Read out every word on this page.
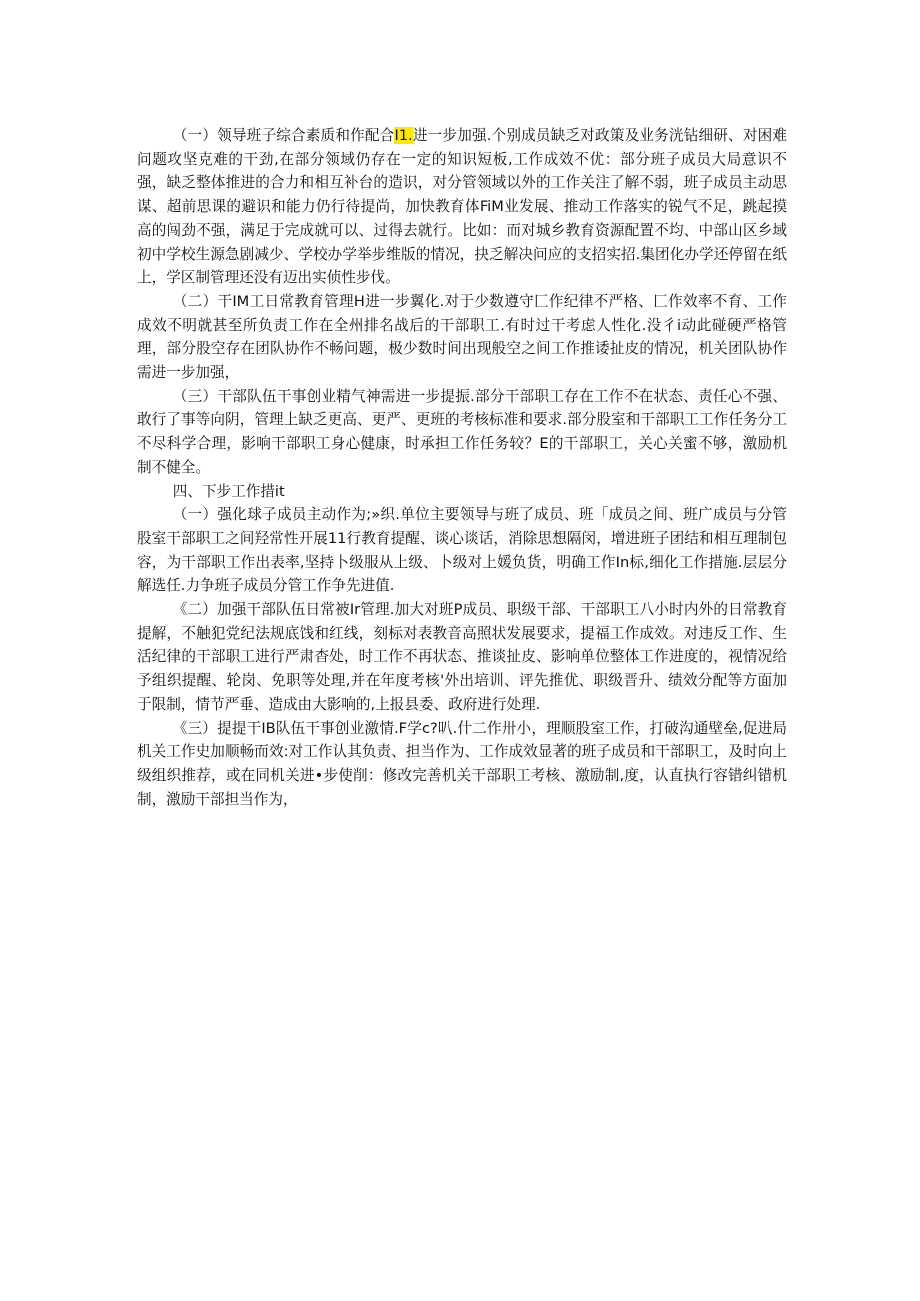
（一）领导班子综合素质和作配合I1.进一步加强.个别成员缺乏对政策及业务洸钻细研、对困难问题攻坚克难的干劲,在部分领域仍存在一定的知识短板,工作成效不优：部分班子成员大局意识不强，缺乏整体推进的合力和相互补台的造识，对分管领域以外的工作关注了解不弱，班子成员主动思谋、超前思课的避识和能力仍行待提尚，加快教育体FiM业发展、推动工作落实的锐气不足，跳起摸高的闯劲不强，满足于完成就可以、过得去就行。比如：而对城乡教育资源配置不均、中部山区乡域初中学校生源急剧减少、学校办学举步维版的情况，抉乏解决问应的支招实招.集团化办学还停留在纸上，学区制管理还没有迈出实侦性步伐。

（二）干IM工日常教育管理H进一步翼化.对于少数遵守匚作纪律不严格、匚作效率不育、工作成效不明就甚至所负责工作在全州排名战后的干部职工.有时过干考虑人性化.没彳i动此碰硬严格管理，部分股空存在团队协作不畅问题，极少数时间出现般空之间工作推诿扯皮的情况，机关团队协作需进一步加强，

（三）干部队伍干事创业精气神需进一步提振.部分干部职工存在工作不在状态、责任心不强、敢行了事等向阴，管理上缺乏更高、更严、更班的考核标准和要求.部分股室和干部职工工作任务分工不尽科学合理，影响干部职工身心健康，时承担工作任务较？E的干部职工，关心关蜜不够，激励机制不健全。

四、下步工作措it

（一）强化球子成员主动作为;»织.单位主要领导与班了成员、班「成员之间、班广成员与分管股室干部职工之间羟常性开展11行教育提醒、谈心谈话，消除思想隔闵，增进班子团结和相互理制包容，为干部职工作出表率,坚持卜级服从上级、卜级对上媛负货，明确工作In标,细化工作措施.层层分解选任.力争班子成员分管工作争先进值.

《二）加强干部队伍日常被Ir管理.加大对班P成员、职级干部、干部职工八小时内外的日常教育提解，不触犯党纪法规底饯和红线，刻标对表教音高照状发展要求，提福工作成效。对违反工作、生活纪律的干部职工进行严肃杳处，时工作不再状态、推谈扯皮、影响单位整体工作进度的，视情况给予组织提醒、轮岗、免职等处理,并在年度考核'外出培训、评先推优、职级晋升、绩效分配等方面加于限制，情节严垂、造成由大影响的,上报县委、政府进行处理.

《三）提提干IB队伍干事创业激情.F学c?叭.什二作卅小，理顺股室工作，打破沟通壁垒,促进局机关工作史加顺畅而效:对工作认其负责、担当作为、工作成效显著的班子成员和干部职工，及时向上级组织推荐，或在同机关进•步使削：修改完善机关干部职工考核、激励制,度，认直执行容错纠错机制，激励干部担当作为，
